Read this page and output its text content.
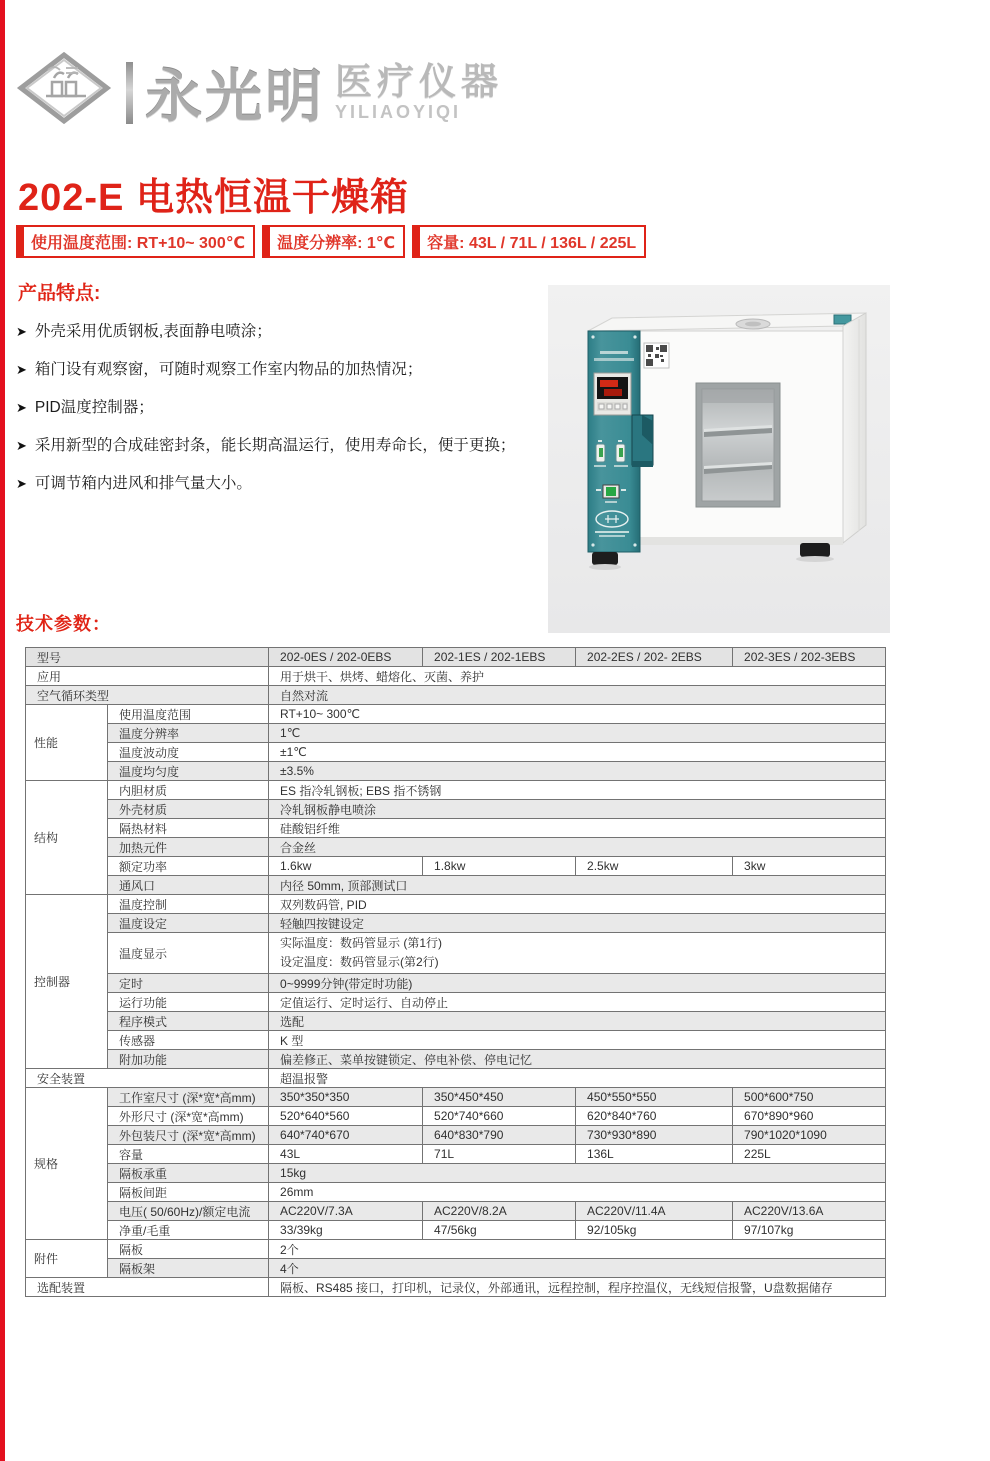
永光明 医疗仪器
YILIAOYIQI
202-E 电热恒温干燥箱
使用温度范围: RT+10~ 300℃	温度分辨率: 1℃	容量: 43L / 71L / 136L / 225L
产品特点:
➤ 外壳采用优质钢板,表面静电喷涂；
➤ 箱门设有观察窗，可随时观察工作室内物品的加热情况；
➤ PID温度控制器；
➤ 采用新型的合成硅密封条，能长期高温运行，使用寿命长，便于更换；
➤ 可调节箱内进风和排气量大小。
技术参数：
型号		202-0ES / 202-0EBS	202-1ES / 202-1EBS	202-2ES / 202- 2EBS	202-3ES / 202-3EBS
应用		用于烘干、烘烤、蜡熔化、灭菌、养护			
空气循环类型		自然对流			
性能	使用温度范围	RT+10~ 300℃			
	温度分辨率	1℃			
	温度波动度	±1℃			
	温度均匀度	±3.5%			
结构	内胆材质	ES 指冷轧钢板; EBS 指不锈钢			
	外壳材质	冷轧钢板静电喷涂			
	隔热材料	硅酸铝纤维			
	加热元件	合金丝			
	额定功率	1.6kw	1.8kw	2.5kw	3kw
	通风口	内径 50mm, 顶部测试口			
控制器	温度控制	双列数码管, PID			
	温度设定	轻触四按键设定			
	温度显示	实际温度：数码管显示 (第1行)
设定温度：数码管显示(第2行)			

	定时	0~9999分钟(带定时功能)			
	运行功能	定值运行、定时运行、自动停止			
	程序模式	选配			
	传感器	K 型			
	附加功能	偏差修正、菜单按键锁定、停电补偿、停电记忆			
安全装置		超温报警			
规格	工作室尺寸 (深*宽*高mm)	350*350*350	350*450*450	450*550*550	500*600*750
	外形尺寸 (深*宽*高mm)	520*640*560	520*740*660	620*840*760	670*890*960
	外包装尺寸 (深*宽*高mm)	640*740*670	640*830*790	730*930*890	790*1020*1090
	容量	43L	71L	136L	225L
	隔板承重	15kg			
	隔板间距	26mm			
	电压( 50/60Hz)/额定电流	AC220V/7.3A	AC220V/8.2A	AC220V/11.4A	AC220V/13.6A
	净重/毛重	33/39kg	47/56kg	92/105kg	97/107kg
附件	隔板	2个			
	隔板架	4个			
选配装置		隔板、RS485 接口，打印机，记录仪，外部通讯，远程控制，程序控温仪，无线短信报警，U盘数据储存			
